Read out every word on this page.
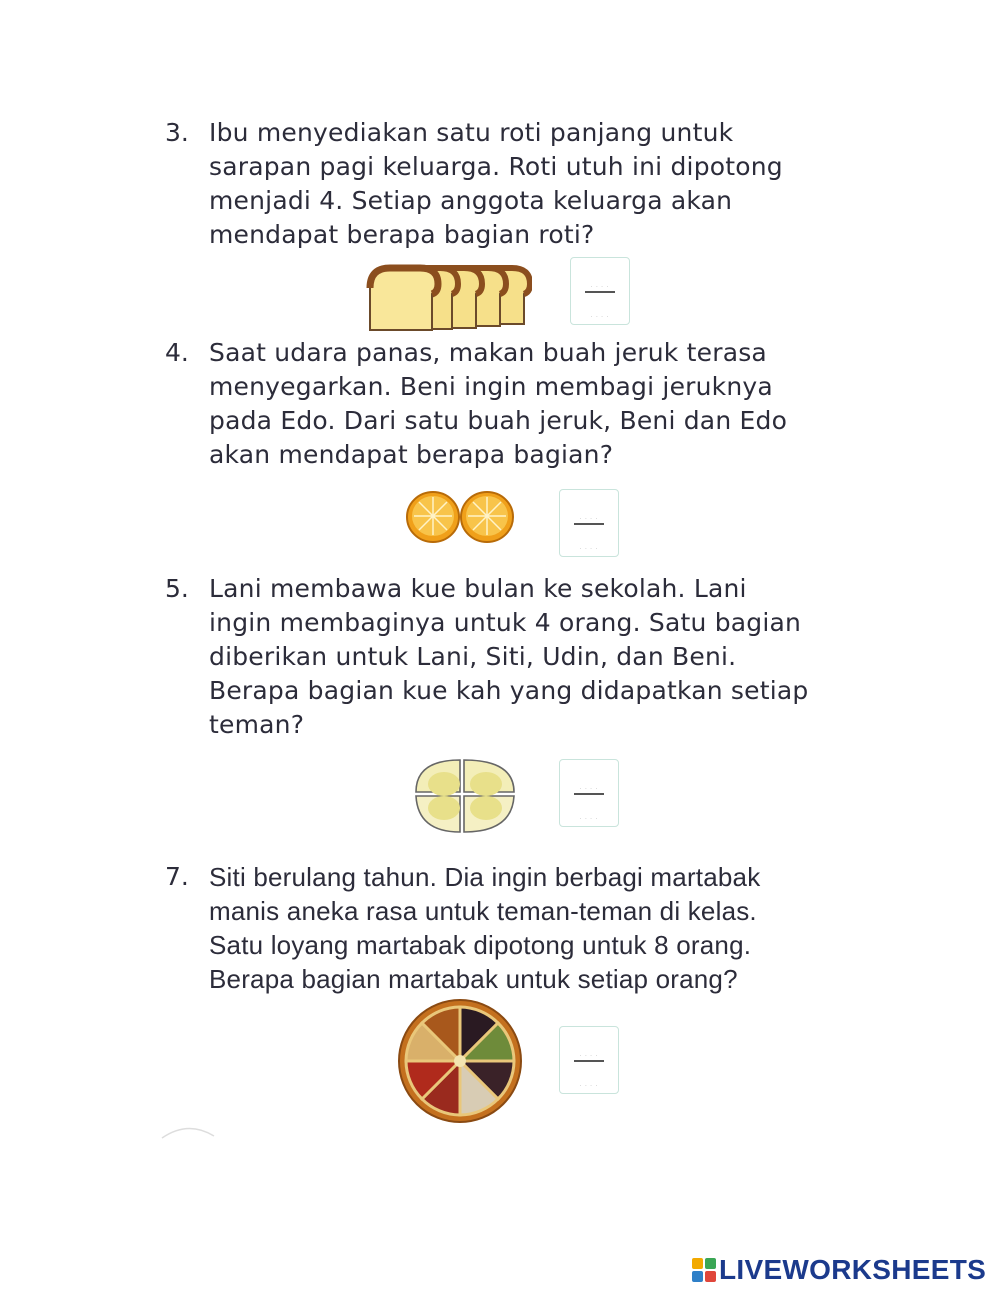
3. Ibu menyediakan satu roti panjang untuk
sarapan pagi keluarga. Roti utuh ini dipotong
menjadi 4. Setiap anggota keluarga akan
mendapat berapa bagian roti?
· · · ·
· · · ·
4. Saat udara panas, makan buah jeruk terasa
menyegarkan. Beni ingin membagi jeruknya
pada Edo. Dari satu buah jeruk, Beni dan Edo
akan mendapat berapa bagian?
· · · ·
· · · ·
5. Lani membawa kue bulan ke sekolah. Lani
ingin membaginya untuk 4 orang. Satu bagian
diberikan untuk Lani, Siti, Udin, dan Beni.
Berapa bagian kue kah yang didapatkan setiap
teman?
· · · ·
· · · ·
7. Siti berulang tahun. Dia ingin berbagi martabak
manis aneka rasa untuk teman-teman di kelas.
Satu loyang martabak dipotong untuk 8 orang.
Berapa bagian martabak untuk setiap orang?
· · · ·
· · · ·
LIVEWORKSHEETS
